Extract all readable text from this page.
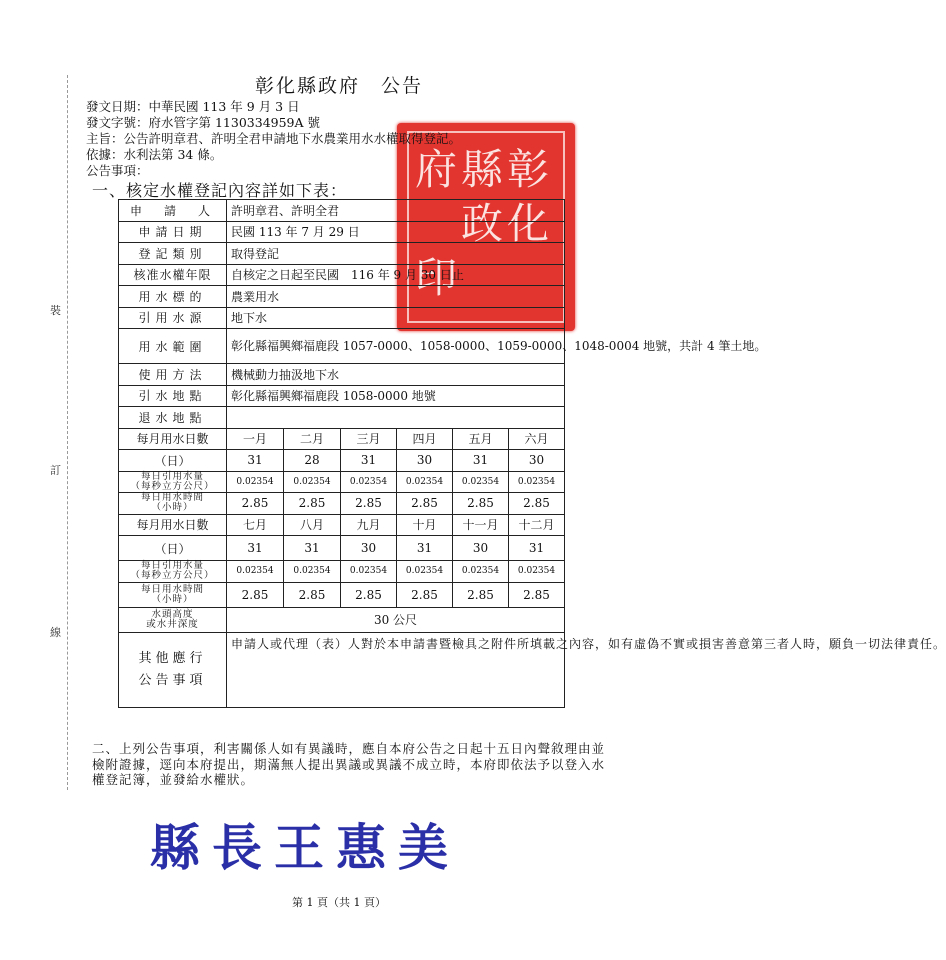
裝
訂
線
彰
化
縣
政
府
印
彰化縣政府　公告
發文日期：中華民國 113 年 9 月 3 日
發文字號：府水管字第 1130334959A 號
主旨：公告許明章君、許明全君申請地下水農業用水水權取得登記。
依據：水利法第 34 條。
公告事項：
一、核定水權登記內容詳如下表：
申　請　人	許明章君、許明全君					
申請日期	民國 113 年 7 月 29 日					
登記類別	取得登記					
核准水權年限	自核定之日起至民國　116 年 9 月 30 日止					
用水標的	農業用水					
引用水源	地下水					
用水範圍	彰化縣福興鄉福鹿段 1057-0000、1058-0000、1059-0000、1048-0004 地號，共計 4 筆土地。					
使用方法	機械動力抽汲地下水					
引水地點	彰化縣福興鄉福鹿段 1058-0000 地號					
退水地點						
每月用水日數	一月	二月	三月	四月	五月	六月
（日）	31	28	31	30	31	30

每日引用水量
（每秒立方公尺）	0.02354	0.02354	0.02354	0.02354	0.02354	0.02354

每日用水時間
（小時）	2.85	2.85	2.85	2.85	2.85	2.85
每月用水日數	七月	八月	九月	十月	十一月	十二月
（日）	31	31	30	31	30	31

每日引用水量
（每秒立方公尺）	0.02354	0.02354	0.02354	0.02354	0.02354	0.02354

每日用水時間
（小時）	2.85	2.85	2.85	2.85	2.85	2.85

水頭高度
或水井深度	30 公尺					

其他應行
公告事項	申請人或代理（表）人對於本申請書暨檢具之附件所填載之內容，如有虛偽不實或損害善意第三者人時，願負一切法律責任。					
二、上列公告事項，利害關係人如有異議時，應自本府公告之日起十五日內聲敘理由並檢附證據，逕向本府提出，期滿無人提出異議或異議不成立時，本府即依法予以登入水權登記簿，並發給水權狀。
縣長王惠美
第 1 頁（共 1 頁）
